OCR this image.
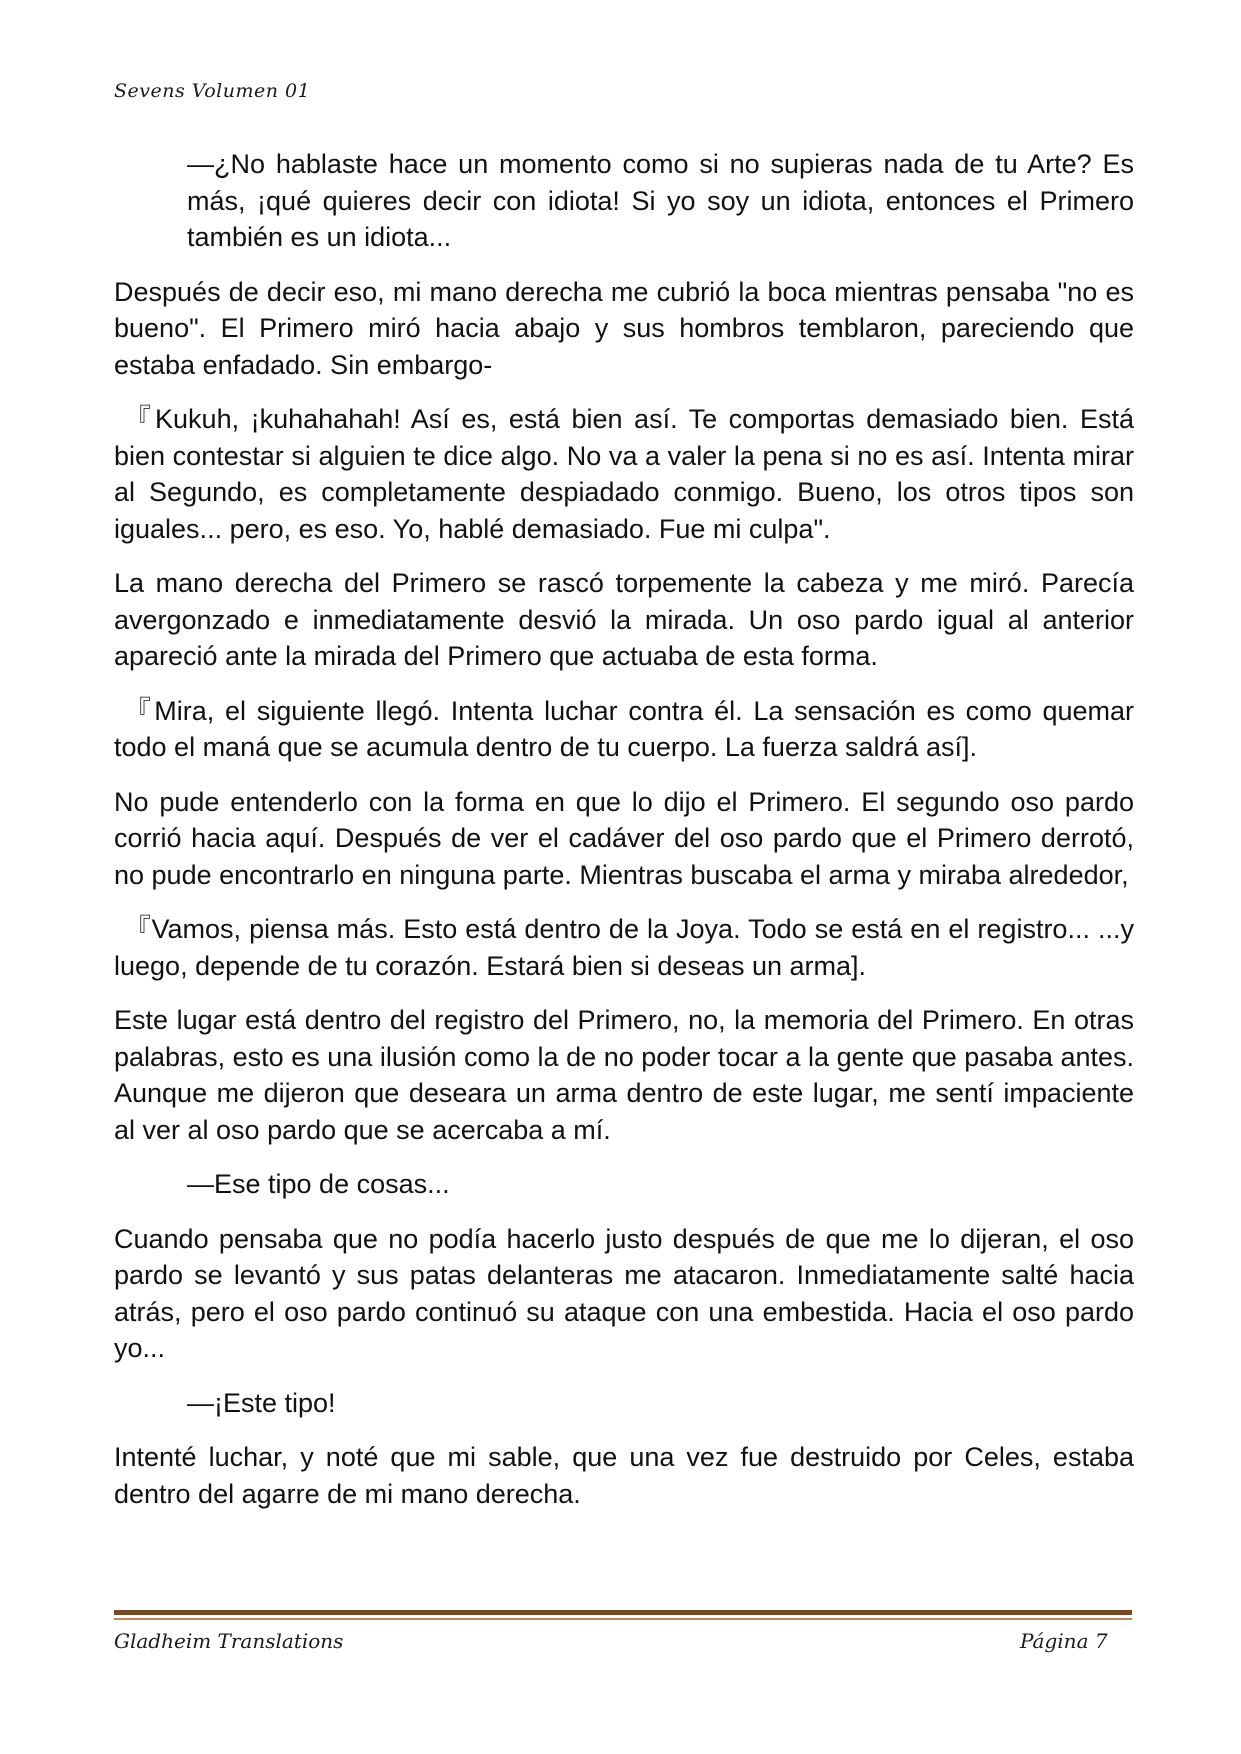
Sevens Volumen 01

—¿No hablaste hace un momento como si no supieras nada de tu Arte? Es más, ¡qué quieres decir con idiota! Si yo soy un idiota, entonces el Primero también es un idiota...

Después de decir eso, mi mano derecha me cubrió la boca mientras pensaba "no es bueno". El Primero miró hacia abajo y sus hombros temblaron, pareciendo que estaba enfadado. Sin embargo-

『Kukuh, ¡kuhahahah! Así es, está bien así. Te comportas demasiado bien. Está bien contestar si alguien te dice algo. No va a valer la pena si no es así. Intenta mirar al Segundo, es completamente despiadado conmigo. Bueno, los otros tipos son iguales... pero, es eso. Yo, hablé demasiado. Fue mi culpa".

La mano derecha del Primero se rascó torpemente la cabeza y me miró. Parecía avergonzado e inmediatamente desvió la mirada. Un oso pardo igual al anterior apareció ante la mirada del Primero que actuaba de esta forma.

『Mira, el siguiente llegó. Intenta luchar contra él. La sensación es como quemar todo el maná que se acumula dentro de tu cuerpo. La fuerza saldrá así].

No pude entenderlo con la forma en que lo dijo el Primero. El segundo oso pardo corrió hacia aquí. Después de ver el cadáver del oso pardo que el Primero derrotó, no pude encontrarlo en ninguna parte. Mientras buscaba el arma y miraba alrededor,

『Vamos, piensa más. Esto está dentro de la Joya. Todo se está en el registro... ...y luego, depende de tu corazón. Estará bien si deseas un arma].

Este lugar está dentro del registro del Primero, no, la memoria del Primero. En otras palabras, esto es una ilusión como la de no poder tocar a la gente que pasaba antes. Aunque me dijeron que deseara un arma dentro de este lugar, me sentí impaciente al ver al oso pardo que se acercaba a mí.

—Ese tipo de cosas...

Cuando pensaba que no podía hacerlo justo después de que me lo dijeran, el oso pardo se levantó y sus patas delanteras me atacaron. Inmediatamente salté hacia atrás, pero el oso pardo continuó su ataque con una embestida. Hacia el oso pardo yo...

—¡Este tipo!

Intenté luchar, y noté que mi sable, que una vez fue destruido por Celes, estaba dentro del agarre de mi mano derecha.

Gladheim Translations	Página 7
